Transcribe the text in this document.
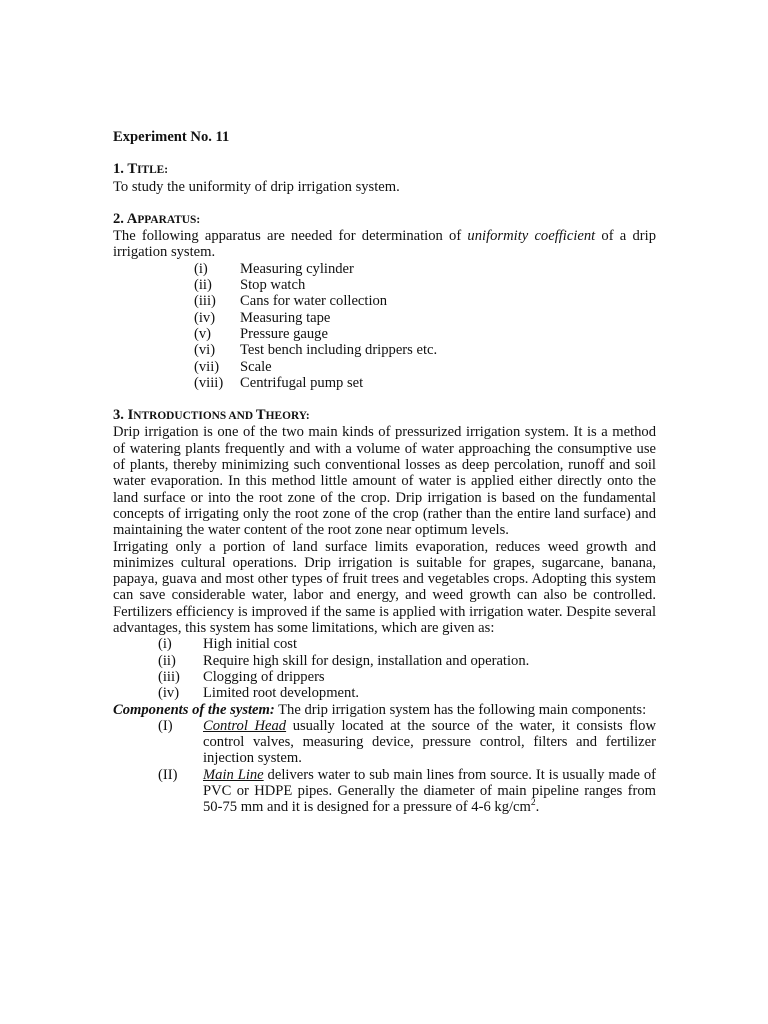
Experiment No. 11
1. TITLE:
To study the uniformity of drip irrigation system.
2. APPARATUS:
The following apparatus are needed for determination of uniformity coefficient of a drip irrigation system.
(i)	Measuring cylinder
(ii)	Stop watch
(iii)	Cans for water collection
(iv)	Measuring tape
(v)	Pressure gauge
(vi)	Test bench including drippers etc.
(vii)	Scale
(viii)	Centrifugal pump set
3. INTRODUCTIONS AND THEORY:
Drip irrigation is one of the two main kinds of pressurized irrigation system. It is a method of watering plants frequently and with a volume of water approaching the consumptive use of plants, thereby minimizing such conventional losses as deep percolation, runoff and soil water evaporation. In this method little amount of water is applied either directly onto the land surface or into the root zone of the crop. Drip irrigation is based on the fundamental concepts of irrigating only the root zone of the crop (rather than the entire land surface) and maintaining the water content of the root zone near optimum levels.
Irrigating only a portion of land surface limits evaporation, reduces weed growth and minimizes cultural operations. Drip irrigation is suitable for grapes, sugarcane, banana, papaya, guava and most other types of fruit trees and vegetables crops. Adopting this system can save considerable water, labor and energy, and weed growth can also be controlled. Fertilizers efficiency is improved if the same is applied with irrigation water. Despite several advantages, this system has some limitations, which are given as:
(i)	High initial cost
(ii)	Require high skill for design, installation and operation.
(iii)	Clogging of drippers
(iv)	Limited root development.
Components of the system: The drip irrigation system has the following main components:
(I)	Control Head usually located at the source of the water, it consists flow control valves, measuring device, pressure control, filters and fertilizer injection system.
(II)	Main Line delivers water to sub main lines from source. It is usually made of PVC or HDPE pipes. Generally the diameter of main pipeline ranges from 50-75 mm and it is designed for a pressure of 4-6 $kg/cm^2$.
